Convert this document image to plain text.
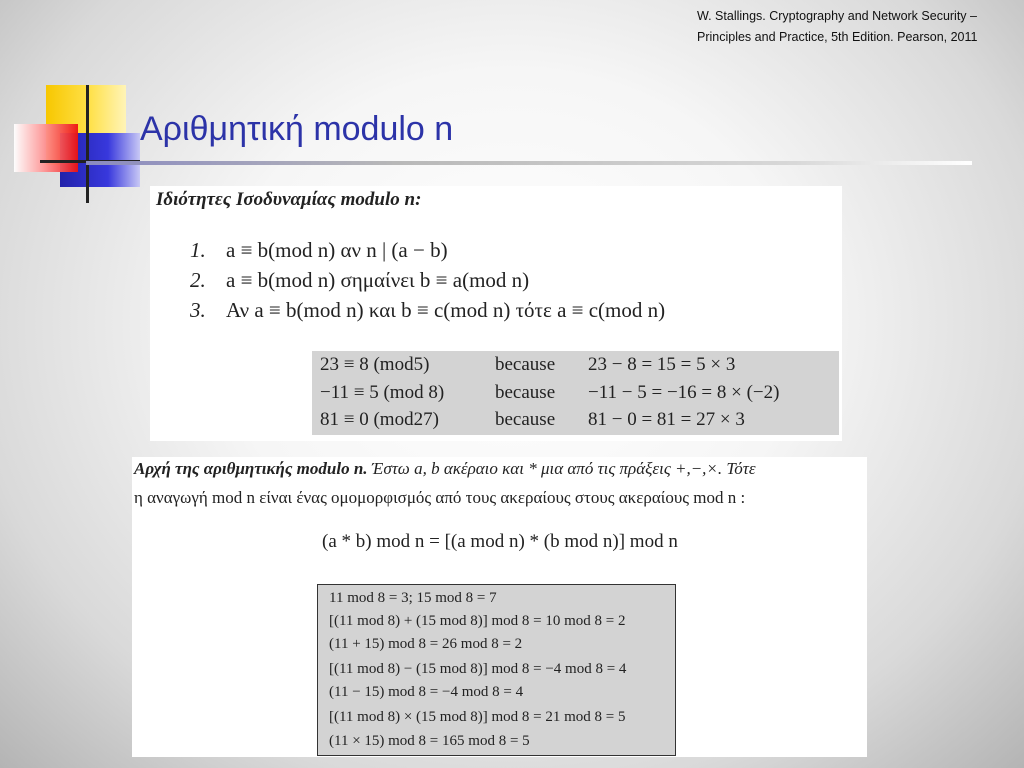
W. Stallings. Cryptography and Network Security –
Principles and Practice, 5th Edition. Pearson, 2011
Αριθμητική modulo n
Ιδιότητες Ισοδυναμίας modulo n:
1. a ≡ b(mod n) αν n | (a − b)
2. a ≡ b(mod n) σημαίνει b ≡ a(mod n)
3. Αν a ≡ b(mod n) και b ≡ c(mod n) τότε a ≡ c(mod n)
23 ≡ 8 (mod5)	because 23 − 8 = 15 = 5 × 3
−11 ≡ 5 (mod 8)	because −11 − 5 = −16 = 8 × (−2)
81 ≡ 0 (mod27)	because 81 − 0 = 81 = 27 × 3
Αρχή της αριθμητικής modulo n. Έστω a, b ακέραιο και * μια από τις πράξεις +,−,×. Τότε
η αναγωγή mod n είναι ένας ομομορφισμός από τους ακεραίους στους ακεραίους mod n :
(a * b) mod n = [(a mod n) * (b mod n)] mod n
11 mod 8 = 3; 15 mod 8 = 7
[(11 mod 8) + (15 mod 8)] mod 8 = 10 mod 8 = 2
(11 + 15) mod 8 = 26 mod 8 = 2
[(11 mod 8) − (15 mod 8)] mod 8 = −4 mod 8 = 4
(11 − 15) mod 8 = −4 mod 8 = 4
[(11 mod 8) × (15 mod 8)] mod 8 = 21 mod 8 = 5
(11 × 15) mod 8 = 165 mod 8 = 5
